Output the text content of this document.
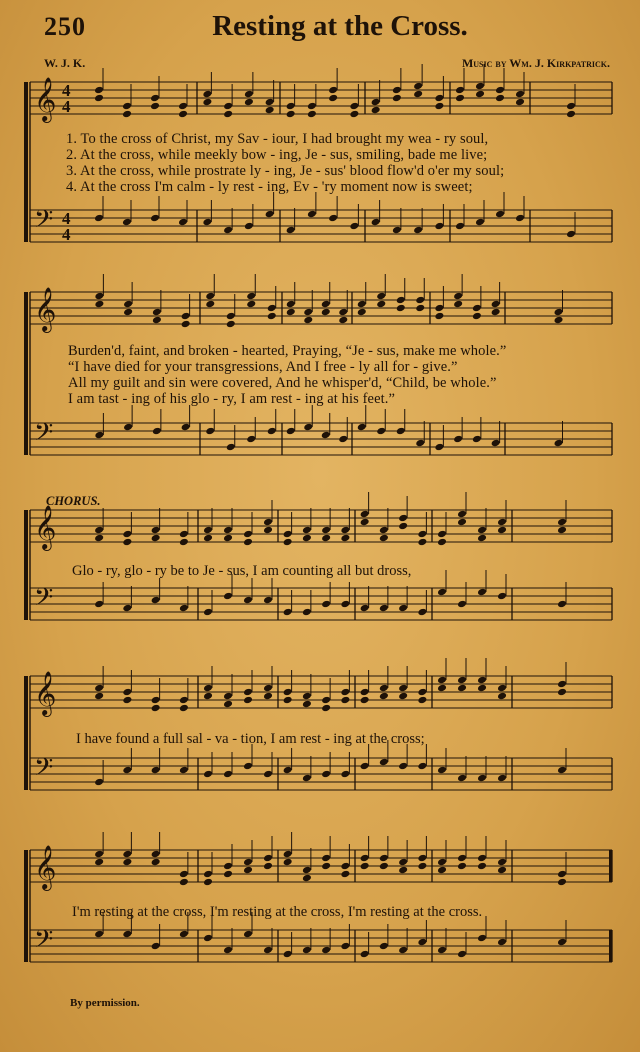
250	Resting at the Cross.
W. J. K.	Music by Wm. J. Kirkpatrick.
𝄞
𝄢
4
4
4
4
𝄞
𝄢
𝄞
𝄢
𝄞
𝄢
𝄞
𝄢
1. To the cross of Christ, my Sav - iour, I had brought my wea - ry soul,
2. At the cross, while meekly bow - ing, Je - sus, smiling, bade me live;
3. At the cross, while prostrate ly - ing, Je - sus' blood flow'd o'er my soul;
4. At the cross I'm calm - ly rest - ing, Ev - 'ry moment now is sweet;
Burden'd, faint, and broken - hearted, Praying, “Je - sus, make me whole.”
“I have died for your transgressions, And I free - ly all for - give.”
All my guilt and sin were covered, And he whisper'd, “Child, be whole.”
I am tast - ing of his glo - ry, I am rest - ing at his feet.”
CHORUS.
Glo - ry, glo - ry be to Je - sus, I am counting all but dross,
I have found a full sal - va - tion, I am rest - ing at the cross;
I'm resting at the cross, I'm resting at the cross, I'm resting at the cross.
By permission.
